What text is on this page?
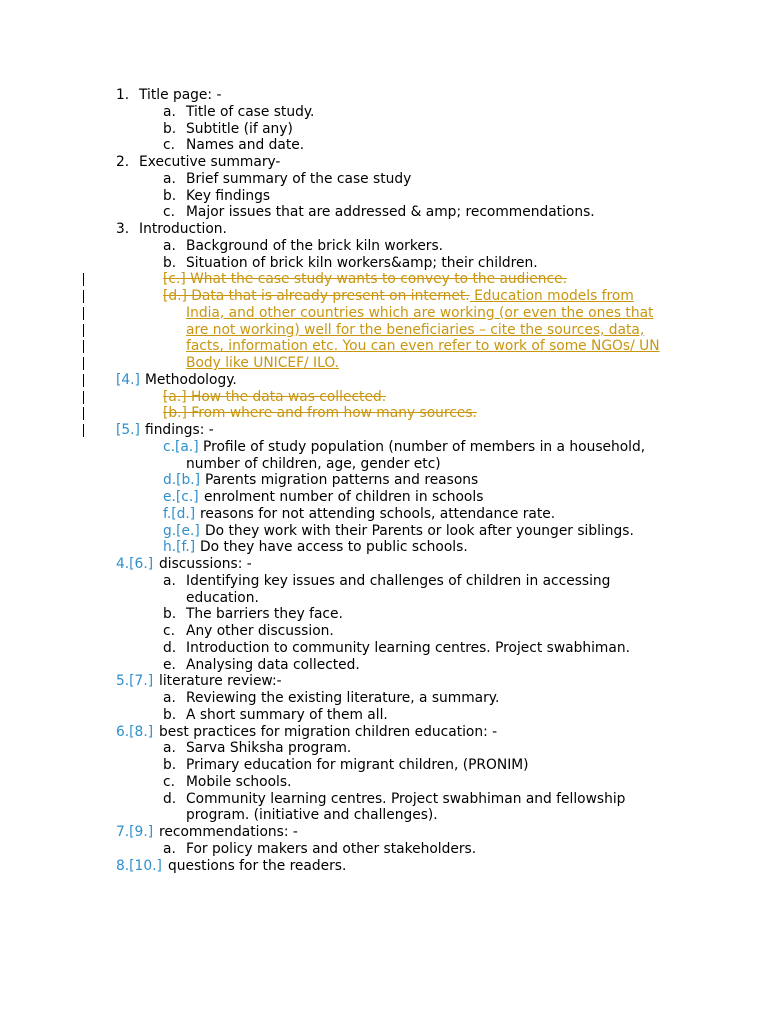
1. Title page: -
a. Title of case study.
b. Subtitle (if any)
c. Names and date.
2. Executive summary-
a. Brief summary of the case study
b. Key findings
c. Major issues that are addressed & amp; recommendations.
3. Introduction.
a. Background of the brick kiln workers.
b. Situation of brick kiln workers&amp; their children.
[c.] What the case study wants to convey to the audience.
[d.] Data that is already present on internet. Education models from
India, and other countries which are working (or even the ones that
are not working) well for the beneficiaries – cite the sources, data,
facts, information etc. You can even refer to work of some NGOs/ UN
Body like UNICEF/ ILO.
[4.] Methodology.
[a.] How the data was collected.
[b.] From where and from how many sources.
[5.] findings: -
c.[a.] Profile of study population (number of members in a household,
number of children, age, gender etc)
d.[b.] Parents migration patterns and reasons
e.[c.] enrolment number of children in schools
f.[d.] reasons for not attending schools, attendance rate.
g.[e.] Do they work with their Parents or look after younger siblings.
h.[f.] Do they have access to public schools.
4.[6.] discussions: -
a. Identifying key issues and challenges of children in accessing
education.
b. The barriers they face.
c. Any other discussion.
d. Introduction to community learning centres. Project swabhiman.
e. Analysing data collected.
5.[7.] literature review:-
a. Reviewing the existing literature, a summary.
b. A short summary of them all.
6.[8.] best practices for migration children education: -
a. Sarva Shiksha program.
b. Primary education for migrant children, (PRONIM)
c. Mobile schools.
d. Community learning centres. Project swabhiman and fellowship
program. (initiative and challenges).
7.[9.] recommendations: -
a. For policy makers and other stakeholders.
8.[10.] questions for the readers.
